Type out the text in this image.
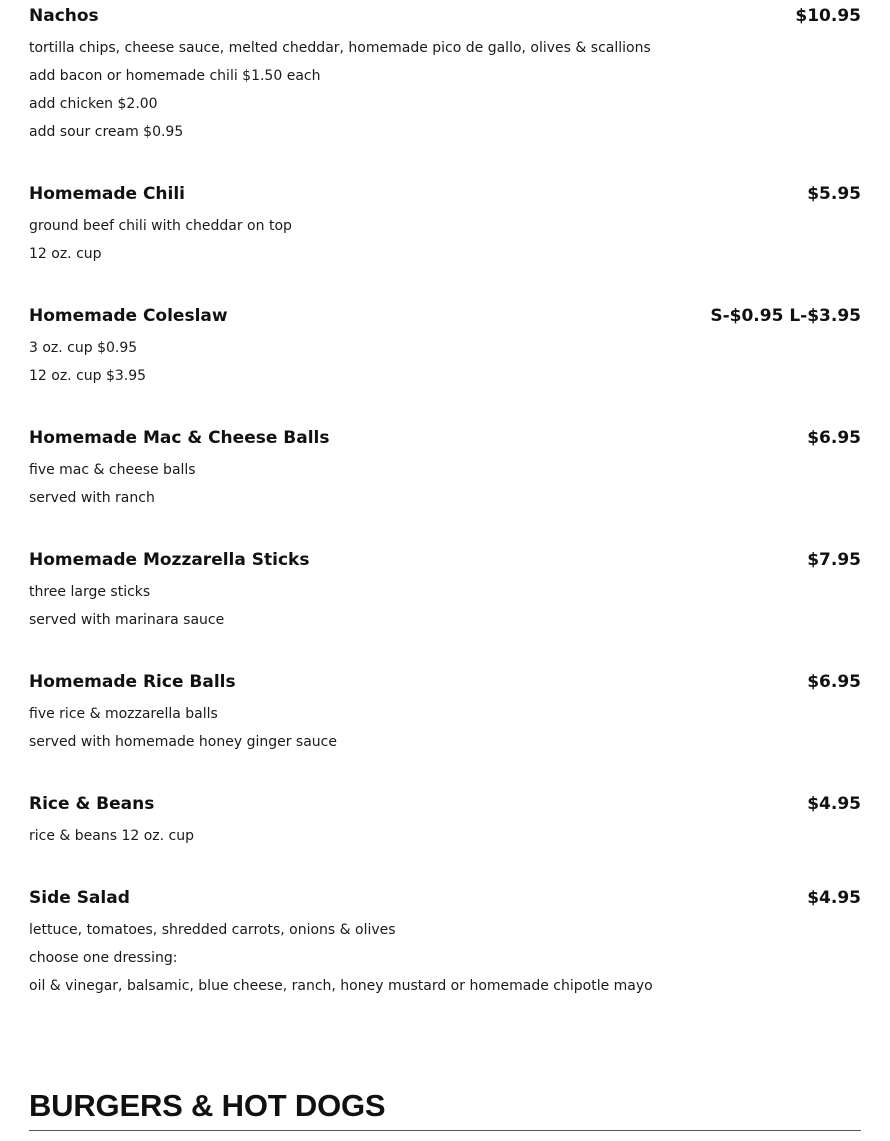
Nachos	$10.95
tortilla chips, cheese sauce, melted cheddar, homemade pico de gallo, olives & scallions
add bacon or homemade chili $1.50 each
add chicken $2.00
add sour cream $0.95
Homemade Chili	$5.95
ground beef chili with cheddar on top
12 oz. cup
Homemade Coleslaw	S-$0.95 L-$3.95
3 oz. cup $0.95
12 oz. cup $3.95
Homemade Mac & Cheese Balls	$6.95
five mac & cheese balls
served with ranch
Homemade Mozzarella Sticks	$7.95
three large sticks
served with marinara sauce
Homemade Rice Balls	$6.95
five rice & mozzarella balls
served with homemade honey ginger sauce
Rice & Beans	$4.95
rice & beans 12 oz. cup
Side Salad	$4.95
lettuce, tomatoes, shredded carrots, onions & olives
choose one dressing:
oil & vinegar, balsamic, blue cheese, ranch, honey mustard or homemade chipotle mayo
BURGERS & HOT DOGS
